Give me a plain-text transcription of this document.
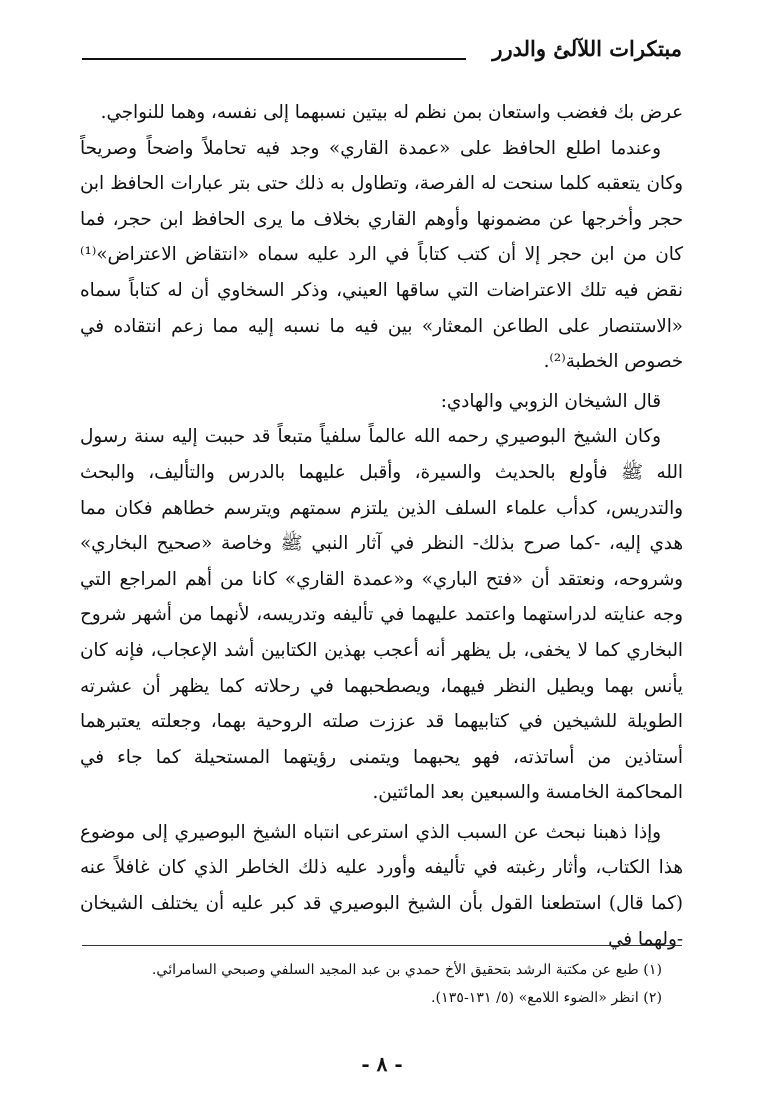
مبتكرات اللآلئ والدرر

عرض بك فغضب واستعان بمن نظم له بيتين نسبهما إلى نفسه، وهما للنواجي.

وعندما اطلع الحافظ على «عمدة القاري» وجد فيه تحاملاً واضحاً وصريحاً وكان يتعقبه كلما سنحت له الفرصة، وتطاول به ذلك حتى بتر عبارات الحافظ ابن حجر وأخرجها عن مضمونها وأوهم القاري بخلاف ما يرى الحافظ ابن حجر، فما كان من ابن حجر إلا أن كتب كتاباً في الرد عليه سماه «انتقاض الاعتراض»⁽¹⁾ نقض فيه تلك الاعتراضات التي ساقها العيني، وذكر السخاوي أن له كتاباً سماه «الاستنصار على الطاعن المعثار» بين فيه ما نسبه إليه مما زعم انتقاده في خصوص الخطبة⁽²⁾.

قال الشيخان الزوبي والهادي:

وكان الشيخ البوصيري رحمه الله عالماً سلفياً متبعاً قد حببت إليه سنة رسول الله ﷺ فأولع بالحديث والسيرة، وأقبل عليهما بالدرس والتأليف، والبحث والتدريس، كدأب علماء السلف الذين يلتزم سمتهم ويترسم خطاهم فكان مما هدي إليه، -كما صرح بذلك- النظر في آثار النبي ﷺ وخاصة «صحيح البخاري» وشروحه، ونعتقد أن «فتح الباري» و«عمدة القاري» كانا من أهم المراجع التي وجه عنايته لدراستهما واعتمد عليهما في تأليفه وتدريسه، لأنهما من أشهر شروح البخاري كما لا يخفى، بل يظهر أنه أعجب بهذين الكتابين أشد الإعجاب، فإنه كان يأنس بهما ويطيل النظر فيهما، ويصطحبهما في رحلاته كما يظهر أن عشرته الطويلة للشيخين في كتابيهما قد عززت صلته الروحية بهما، وجعلته يعتبرهما أستاذين من أساتذته، فهو يحبهما ويتمنى رؤيتهما المستحيلة كما جاء في المحاكمة الخامسة والسبعين بعد المائتين.

وإذا ذهبنا نبحث عن السبب الذي استرعى انتباه الشيخ البوصيري إلى موضوع هذا الكتاب، وأثار رغبته في تأليفه وأورد عليه ذلك الخاطر الذي كان غافلاً عنه (كما قال) استطعنا القول بأن الشيخ البوصيري قد كبر عليه أن يختلف الشيخان -ولهما في

(١) طبع عن مكتبة الرشد بتحقيق الأخ حمدي بن عبد المجيد السلفي وصبحي السامرائي.
(٢) انظر «الضوء اللامع» (٥/ ١٣١-١٣٥).
- ٨ -
